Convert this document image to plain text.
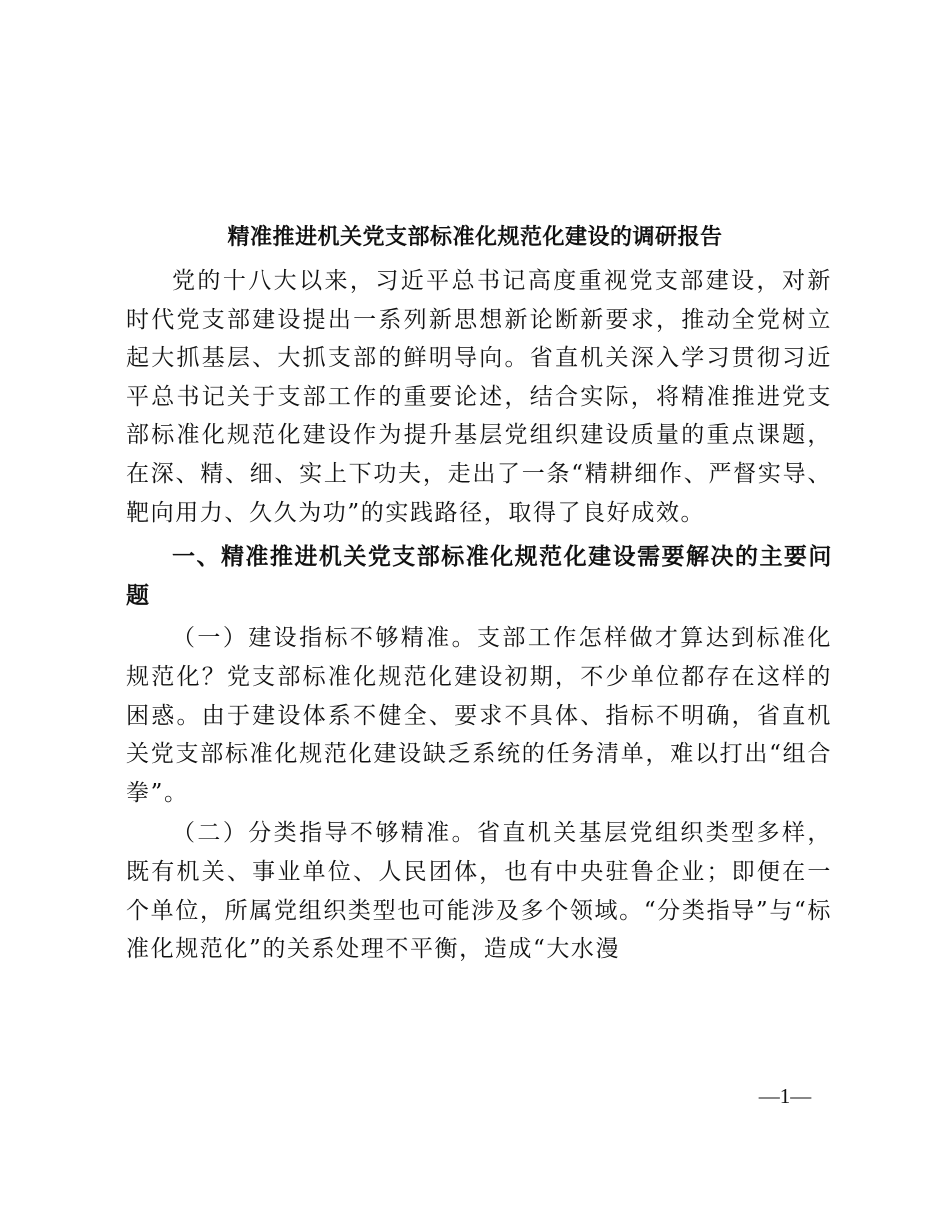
精准推进机关党支部标准化规范化建设的调研报告

党的十八大以来，习近平总书记高度重视党支部建设，对新时代党支部建设提出一系列新思想新论断新要求，推动全党树立起大抓基层、大抓支部的鲜明导向。省直机关深入学习贯彻习近平总书记关于支部工作的重要论述，结合实际，将精准推进党支部标准化规范化建设作为提升基层党组织建设质量的重点课题，在深、精、细、实上下功夫，走出了一条“精耕细作、严督实导、靶向用力、久久为功”的实践路径，取得了良好成效。

一、精准推进机关党支部标准化规范化建设需要解决的主要问题

（一）建设指标不够精准。支部工作怎样做才算达到标准化规范化？党支部标准化规范化建设初期，不少单位都存在这样的困惑。由于建设体系不健全、要求不具体、指标不明确，省直机关党支部标准化规范化建设缺乏系统的任务清单，难以打出“组合拳”。

（二）分类指导不够精准。省直机关基层党组织类型多样，既有机关、事业单位、人民团体，也有中央驻鲁企业；即便在一个单位，所属党组织类型也可能涉及多个领域。“分类指导”与“标准化规范化”的关系处理不平衡，造成“大水漫

—1—
